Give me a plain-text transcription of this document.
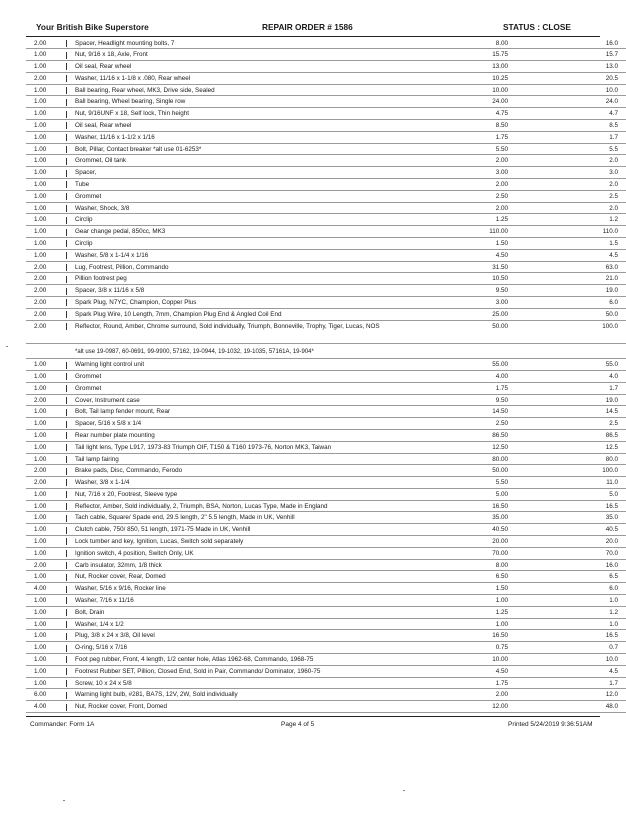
Your British Bike Superstore	REPAIR ORDER # 1586	STATUS : CLOSE
2.00	Spacer, Headlight mounting bolts, 7	8.00	16.0
1.00	Nut, 9/16 x 18, Axle, Front	15.75	15.7
1.00	Oil seal, Rear wheel	13.00	13.0
2.00	Washer, 11/16 x 1-1/8 x .080, Rear wheel	10.25	20.5
1.00	Ball bearing, Rear wheel, MK3, Drive side, Sealed	10.00	10.0
1.00	Ball bearing, Wheel bearing, Single row	24.00	24.0
1.00	Nut, 9/16UNF x 18, Self lock, Thin height	4.75	4.7
1.00	Oil seal, Rear wheel	8.50	8.5
1.00	Washer, 11/16 x 1-1/2 x 1/16	1.75	1.7
1.00	Bolt, Pillar, Contact breaker *alt use 01-6253*	5.50	5.5
1.00	Grommet, Oil tank	2.00	2.0
1.00	Spacer,	3.00	3.0
1.00	Tube	2.00	2.0
1.00	Grommet	2.50	2.5
1.00	Washer, Shock, 3/8	2.00	2.0
1.00	Circlip	1.25	1.2
1.00	Gear change pedal, 850cc, MK3	110.00	110.0
1.00	Circlip	1.50	1.5
1.00	Washer, 5/8 x 1-1/4 x 1/16	4.50	4.5
2.00	Lug, Footrest, Pillion, Commando	31.50	63.0
2.00	Pillion footrest peg	10.50	21.0
2.00	Spacer, 3/8 x 11/16 x 5/8	9.50	19.0
2.00	Spark Plug, N7YC, Champion, Copper Plus	3.00	6.0
2.00	Spark Plug Wire, 10 Length, 7mm, Champion Plug End & Angled Coil End	25.00	50.0
2.00	Reflector, Round, Amber, Chrome surround, Sold individually, Triumph, Bonneville, Trophy, Tiger, Lucas, NOS	50.00	100.0
*alt use 19-0987, 60-0691, 99-9900, 57162, 19-0944, 19-1032, 19-1035, 57161A, 19-904*
1.00	Warning light control unit	55.00	55.0
1.00	Grommet	4.00	4.0
1.00	Grommet	1.75	1.7
2.00	Cover, Instrument case	9.50	19.0
1.00	Bolt, Tail lamp fender mount, Rear	14.50	14.5
1.00	Spacer, 5/16 x 5/8 x 1/4	2.50	2.5
1.00	Rear number plate mounting	86.50	86.5
1.00	Tail light lens, Type L917, 1973-83 Triumph OIF, T150 & T160 1973-76, Norton MK3, Taiwan	12.50	12.5
1.00	Tail lamp fairing	80.00	80.0
2.00	Brake pads, Disc, Commando, Ferodo	50.00	100.0
2.00	Washer, 3/8 x 1-1/4	5.50	11.0
1.00	Nut, 7/16 x 20, Footrest, Sleeve type	5.00	5.0
1.00	Reflector, Amber, Sold individually, 2, Triumph, BSA, Norton, Lucas Type, Made in England	16.50	16.5
1.00	Tach cable, Square/ Spade end, 29.5 length, 2" 5.5 length, Made in UK, Venhill	35.00	35.0
1.00	Clutch cable, 750/ 850, 51 length, 1971-75 Made in UK, Venhill	40.50	40.5
1.00	Lock tumber and key, Ignition, Lucas, Switch sold separately	20.00	20.0
1.00	Ignition switch, 4 position, Switch Only, UK	70.00	70.0
2.00	Carb insulator, 32mm, 1/8 thick	8.00	16.0
1.00	Nut, Rocker cover, Rear, Domed	6.50	6.5
4.00	Washer, 5/16 x 9/16, Rocker line	1.50	6.0
1.00	Washer, 7/16 x 11/16	1.00	1.0
1.00	Bolt, Drain	1.25	1.2
1.00	Washer, 1/4 x 1/2	1.00	1.0
1.00	Plug, 3/8 x 24 x 3/8, Oil level	16.50	16.5
1.00	O-ring, 5/16 x 7/16	0.75	0.7
1.00	Foot peg rubber, Front, 4 length, 1/2 center hole, Atlas 1962-68, Commando, 1968-75	10.00	10.0
1.00	Footrest Rubber SET, Pillion, Closed End, Sold in Pair, Commando/ Dominator, 1960-75	4.50	4.5
1.00	Screw, 10 x 24 x 5/8	1.75	1.7
6.00	Warning light bulb, #281, BA7S, 12V, 2W, Sold individually	2.00	12.0
4.00	Nut, Rocker cover, Front, Domed	12.00	48.0
Commander: Form 1A	Page 4 of 5	Printed 5/24/2019 9:36:51AM
